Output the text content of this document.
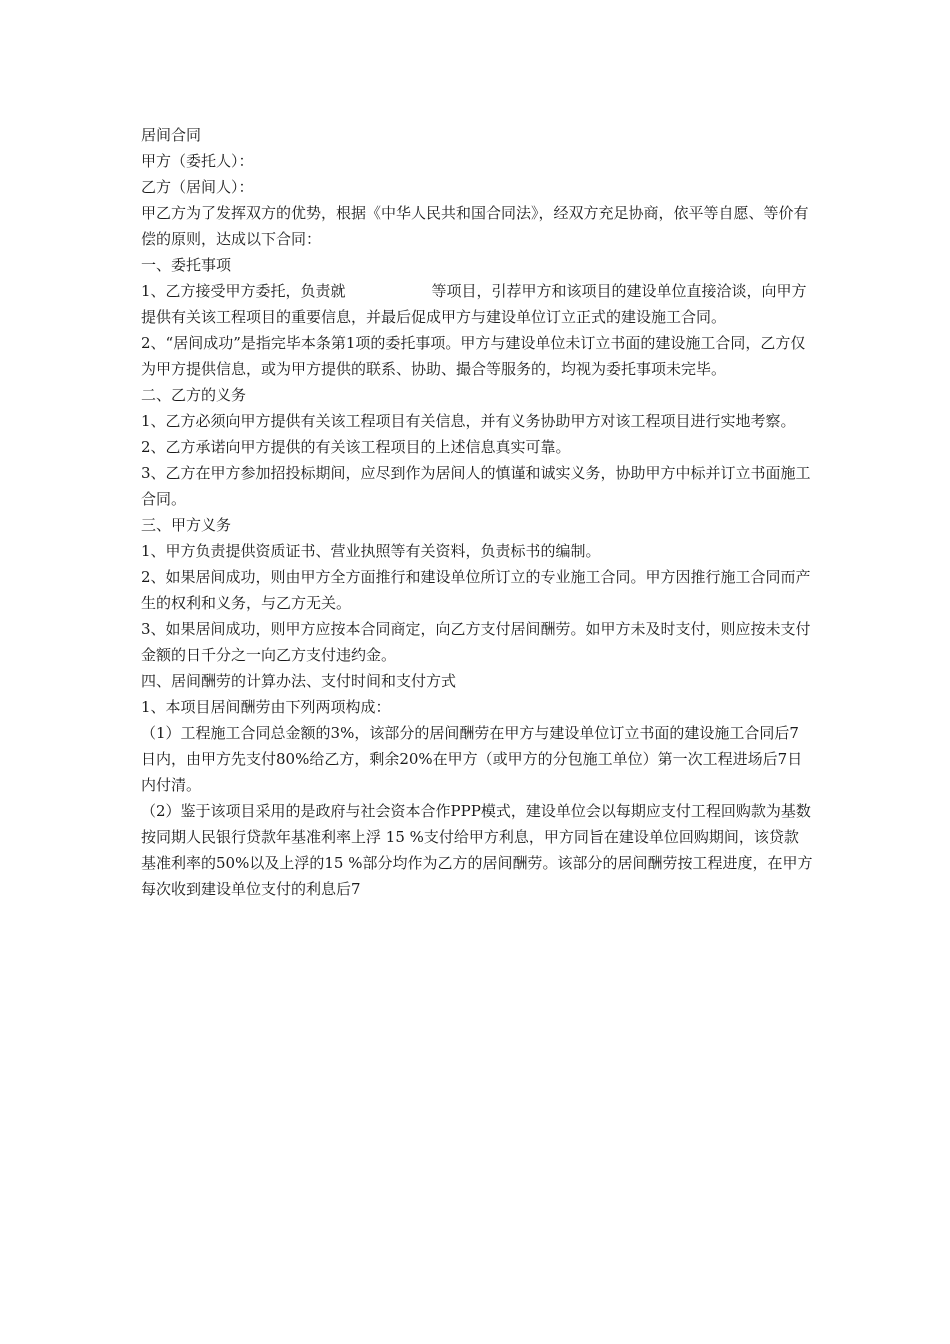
居间合同

甲方（委托人）：

乙方（居间人）：

甲乙方为了发挥双方的优势，根据《中华人民共和国合同法》，经双方充足协商，依平等自愿、等价有偿的原则，达成以下合同：

一、委托事项

1、乙方接受甲方委托，负责就	等项目，引荐甲方和该项目的建设单位直接洽谈，向甲方提供有关该工程项目的重要信息，并最后促成甲方与建设单位订立正式的建设施工合同。

2、“居间成功”是指完毕本条第1项的委托事项。甲方与建设单位未订立书面的建设施工合同，乙方仅为甲方提供信息，或为甲方提供的联系、协助、撮合等服务的，均视为委托事项未完毕。

二、乙方的义务

1、乙方必须向甲方提供有关该工程项目有关信息，并有义务协助甲方对该工程项目进行实地考察。

2、乙方承诺向甲方提供的有关该工程项目的上述信息真实可靠。

3、乙方在甲方参加招投标期间，应尽到作为居间人的慎谨和诚实义务，协助甲方中标并订立书面施工合同。

三、甲方义务

1、甲方负责提供资质证书、营业执照等有关资料，负责标书的编制。

2、如果居间成功，则由甲方全方面推行和建设单位所订立的专业施工合同。甲方因推行施工合同而产生的权利和义务，与乙方无关。

3、如果居间成功，则甲方应按本合同商定，向乙方支付居间酬劳。如甲方未及时支付，则应按未支付金额的日千分之一向乙方支付违约金。

四、居间酬劳的计算办法、支付时间和支付方式

1、本项目居间酬劳由下列两项构成：

（1）工程施工合同总金额的3%，该部分的居间酬劳在甲方与建设单位订立书面的建设施工合同后7日内，由甲方先支付80%给乙方，剩余20%在甲方（或甲方的分包施工单位）第一次工程进场后7日内付清。

（2）鉴于该项目采用的是政府与社会资本合作PPP模式，建设单位会以每期应支付工程回购款为基数按同期人民银行贷款年基准利率上浮 15 %支付给甲方利息，甲方同旨在建设单位回购期间，该贷款基准利率的50%以及上浮的15 %部分均作为乙方的居间酬劳。该部分的居间酬劳按工程进度，在甲方每次收到建设单位支付的利息后7
